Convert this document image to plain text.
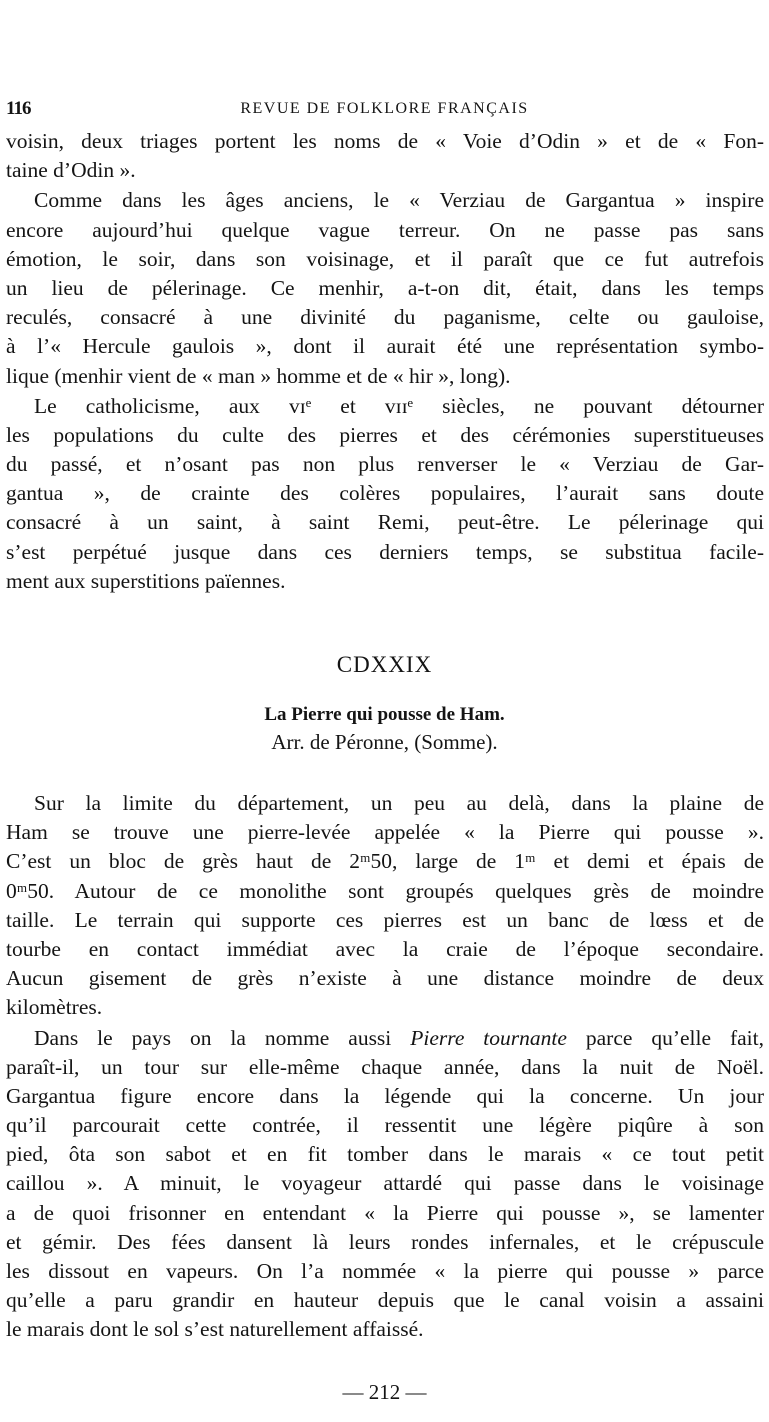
116	REVUE DE FOLKLORE FRANÇAIS
voisin, deux triages portent les noms de « Voie d’Odin » et de « Fon-
taine d’Odin ».
Comme dans les âges anciens, le « Verziau de Gargantua » inspire
encore aujourd’hui quelque vague terreur. On ne passe pas sans
émotion, le soir, dans son voisinage, et il paraît que ce fut autrefois
un lieu de pélerinage. Ce menhir, a-t-on dit, était, dans les temps
reculés, consacré à une divinité du paganisme, celte ou gauloise,
à l’« Hercule gaulois », dont il aurait été une représentation symbo-
lique (menhir vient de « man » homme et de « hir », long).
Le catholicisme, aux ᴠɪᵉ et ᴠɪɪᵉ siècles, ne pouvant détourner
les populations du culte des pierres et des cérémonies superstitueuses
du passé, et n’osant pas non plus renverser le « Verziau de Gar-
gantua », de crainte des colères populaires, l’aurait sans doute
consacré à un saint, à saint Remi, peut-être. Le pélerinage qui
s’est perpétué jusque dans ces derniers temps, se substitua facile-
ment aux superstitions païennes.
CDXXIX
La Pierre qui pousse de Ham.
Arr. de Péronne, (Somme).
Sur la limite du département, un peu au delà, dans la plaine de
Ham se trouve une pierre-levée appelée « la Pierre qui pousse ».
C’est un bloc de grès haut de 2ᵐ50, large de 1ᵐ et demi et épais de
0ᵐ50. Autour de ce monolithe sont groupés quelques grès de moindre
taille. Le terrain qui supporte ces pierres est un banc de lœss et de
tourbe en contact immédiat avec la craie de l’époque secondaire.
Aucun gisement de grès n’existe à une distance moindre de deux
kilomètres.
Dans le pays on la nomme aussi Pierre tournante parce qu’elle fait,
paraît-il, un tour sur elle-même chaque année, dans la nuit de Noël.
Gargantua figure encore dans la légende qui la concerne. Un jour
qu’il parcourait cette contrée, il ressentit une légère piqûre à son
pied, ôta son sabot et en fit tomber dans le marais « ce tout petit
caillou ». A minuit, le voyageur attardé qui passe dans le voisinage
a de quoi frisonner en entendant « la Pierre qui pousse », se lamenter
et gémir. Des fées dansent là leurs rondes infernales, et le crépuscule
les dissout en vapeurs. On l’a nommée « la pierre qui pousse » parce
qu’elle a paru grandir en hauteur depuis que le canal voisin a assaini
le marais dont le sol s’est naturellement affaissé.
— 212 —
